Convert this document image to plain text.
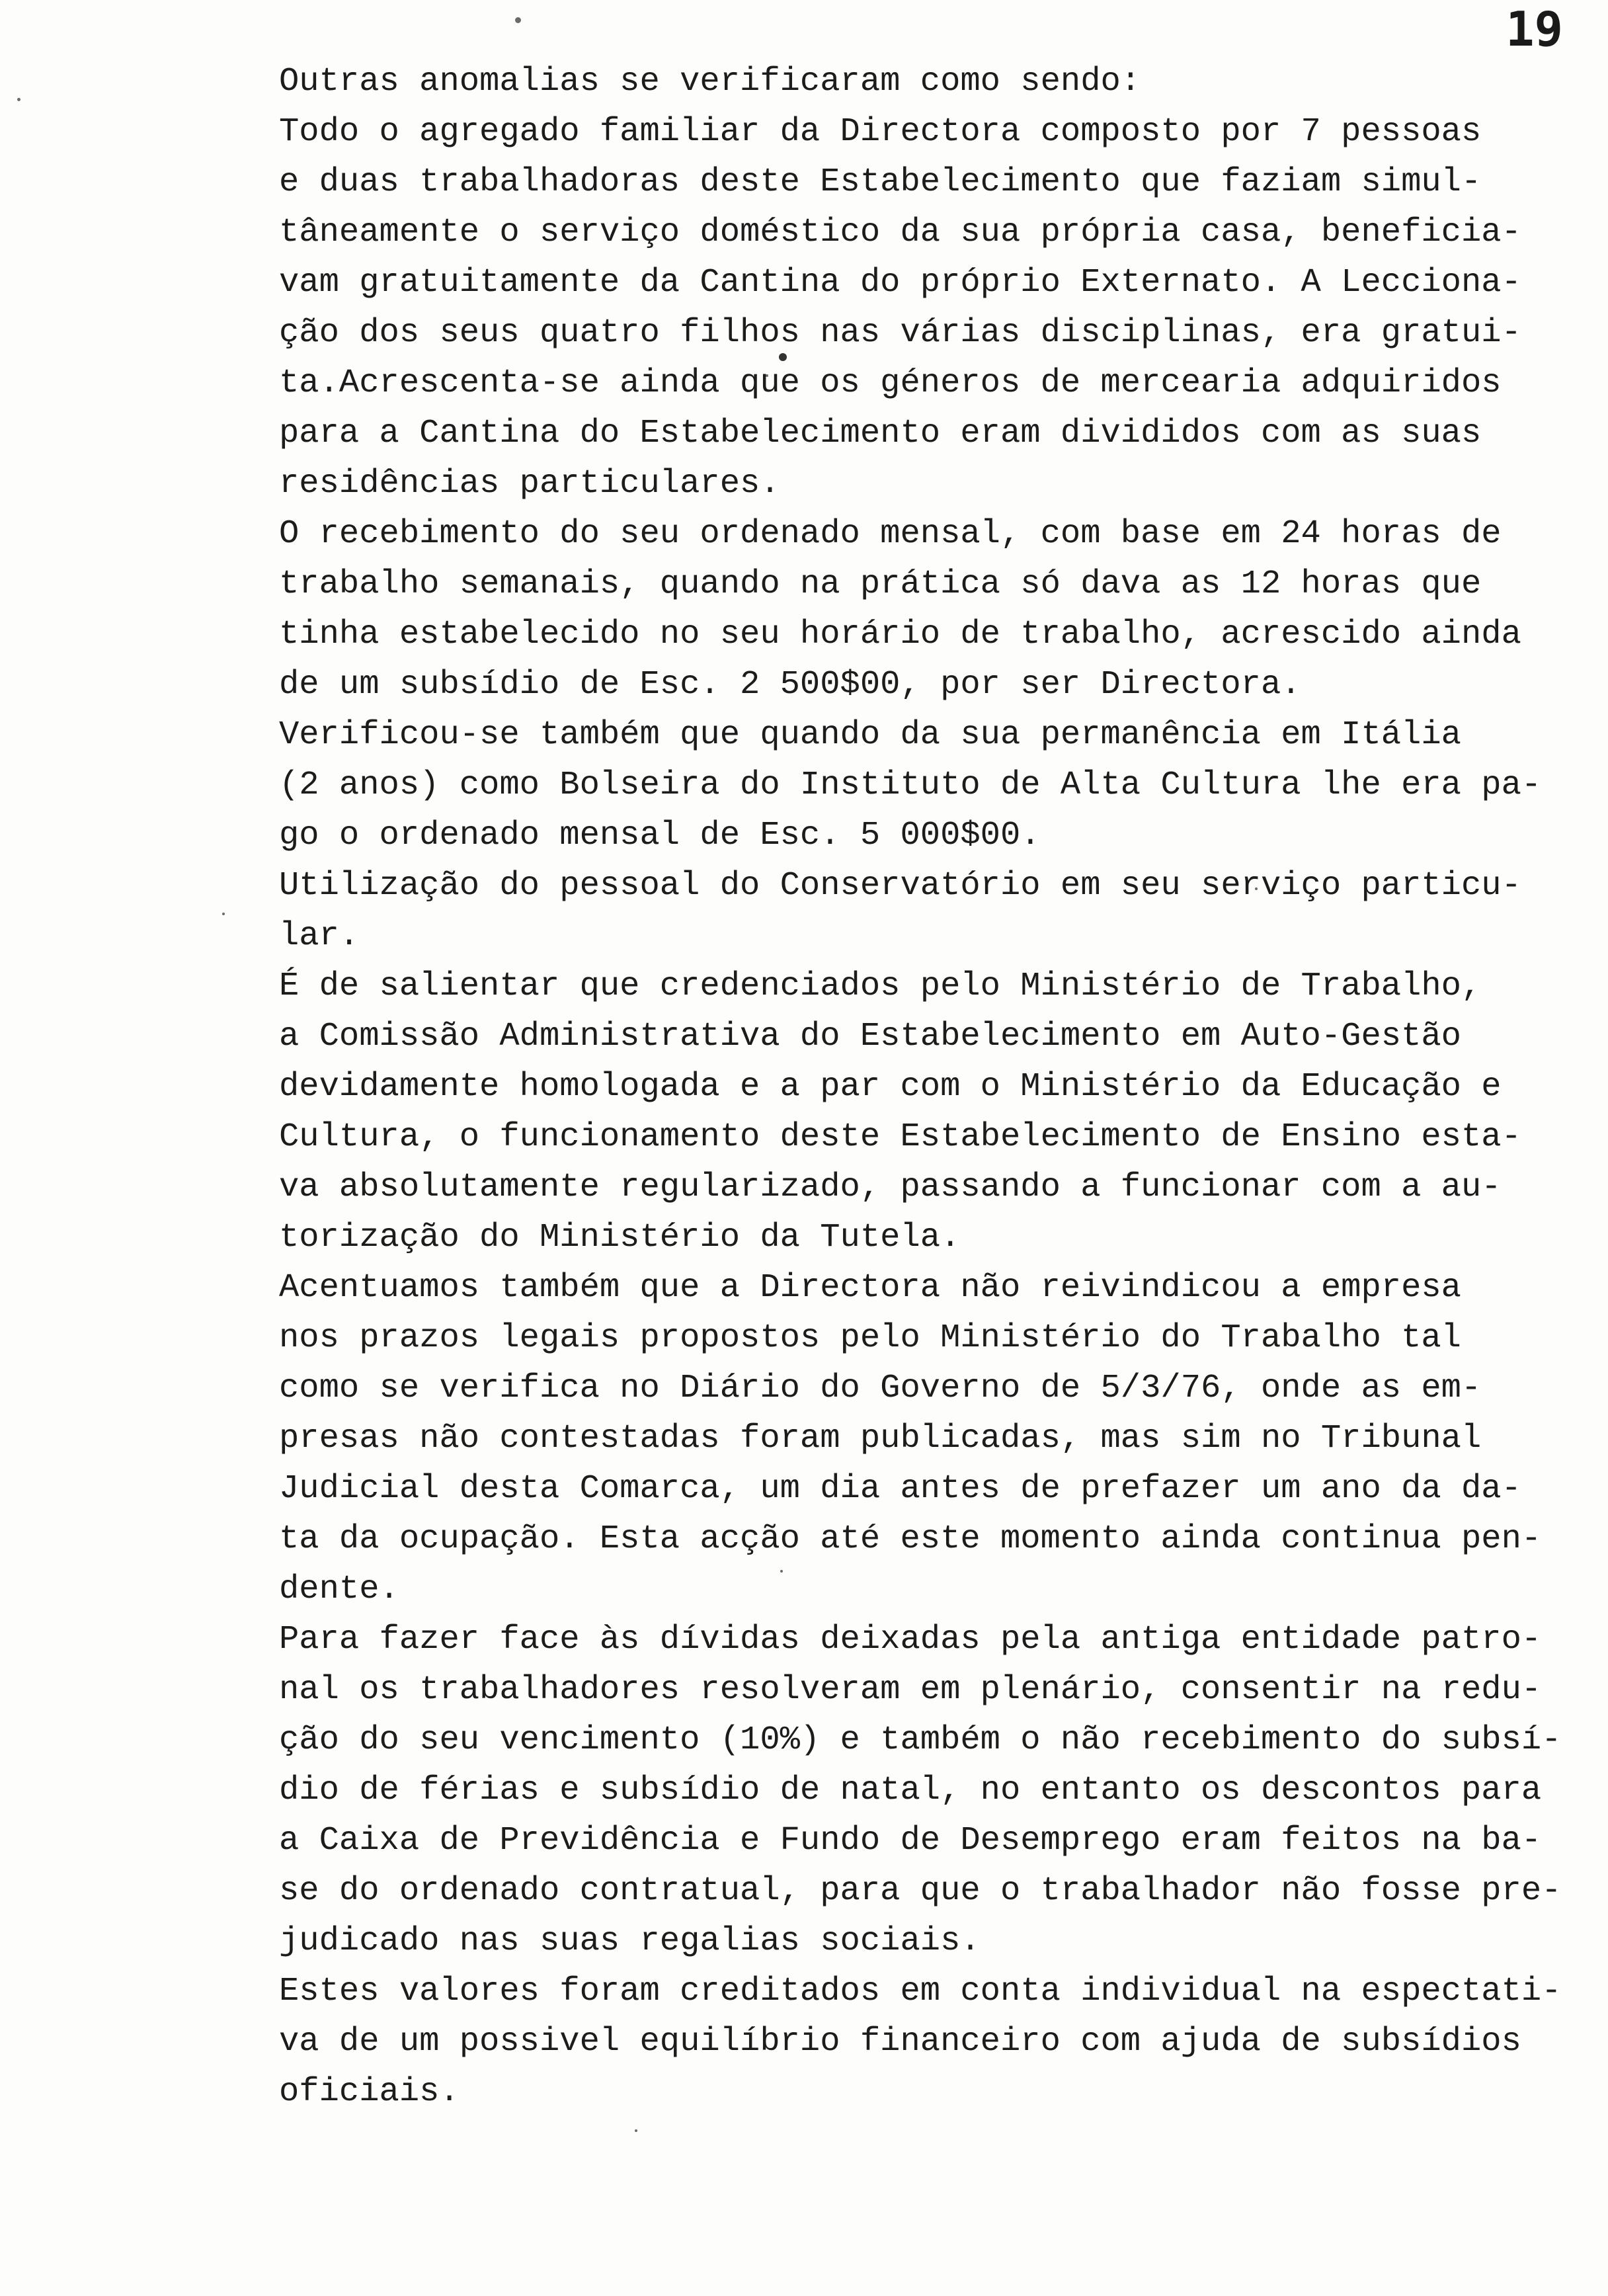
19
Outras anomalias se verificaram como sendo:
Todo o agregado familiar da Directora composto por 7 pessoas
e duas trabalhadoras deste Estabelecimento que faziam simul-
tâneamente o serviço doméstico da sua própria casa, beneficia-
vam gratuitamente da Cantina do próprio Externato. A Lecciona-
ção dos seus quatro filhos nas várias disciplinas, era gratui-
ta.Acrescenta-se ainda que os géneros de mercearia adquiridos
para a Cantina do Estabelecimento eram divididos com as suas
residências particulares.
O recebimento do seu ordenado mensal, com base em 24 horas de
trabalho semanais, quando na prática só dava as 12 horas que
tinha estabelecido no seu horário de trabalho, acrescido ainda
de um subsídio de Esc. 2 500$00, por ser Directora.
Verificou-se também que quando da sua permanência em Itália
(2 anos) como Bolseira do Instituto de Alta Cultura lhe era pa-
go o ordenado mensal de Esc. 5 000$00.
Utilização do pessoal do Conservatório em seu serviço particu-
lar.
É de salientar que credenciados pelo Ministério de Trabalho,
a Comissão Administrativa do Estabelecimento em Auto-Gestão
devidamente homologada e a par com o Ministério da Educação e
Cultura, o funcionamento deste Estabelecimento de Ensino esta-
va absolutamente regularizado, passando a funcionar com a au-
torização do Ministério da Tutela.
Acentuamos também que a Directora não reivindicou a empresa
nos prazos legais propostos pelo Ministério do Trabalho tal
como se verifica no Diário do Governo de 5/3/76, onde as em-
presas não contestadas foram publicadas, mas sim no Tribunal
Judicial desta Comarca, um dia antes de prefazer um ano da da-
ta da ocupação. Esta acção até este momento ainda continua pen-
dente.
Para fazer face às dívidas deixadas pela antiga entidade patro-
nal os trabalhadores resolveram em plenário, consentir na redu-
ção do seu vencimento (10%) e também o não recebimento do subsí-
dio de férias e subsídio de natal, no entanto os descontos para
a Caixa de Previdência e Fundo de Desemprego eram feitos na ba-
se do ordenado contratual, para que o trabalhador não fosse pre-
judicado nas suas regalias sociais.
Estes valores foram creditados em conta individual na espectati-
va de um possivel equilíbrio financeiro com ajuda de subsídios
oficiais.
